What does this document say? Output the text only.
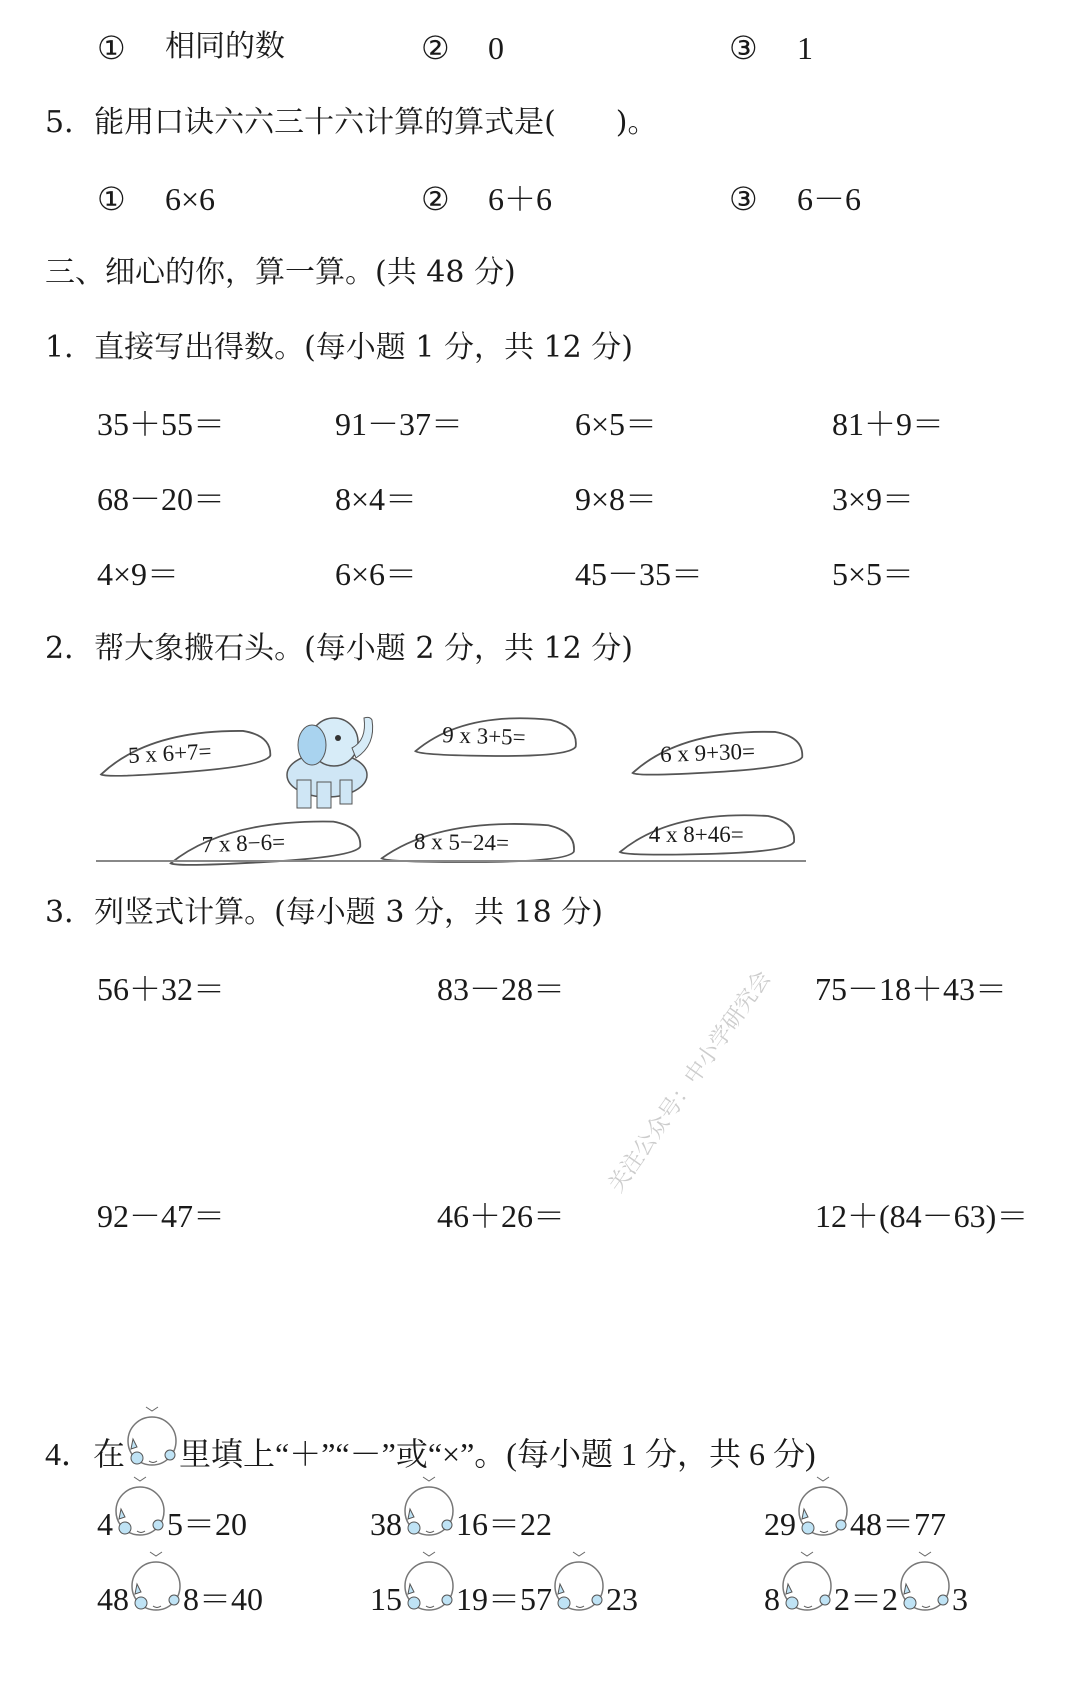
关注公众号：中小学研究会
① 相同的数	② 0	③ 1
5．能用口诀六六三十六计算的算式是(　　)。
① 6×6	② 6＋6	③ 6－6
三、细心的你，算一算。(共 48 分)
1．直接写出得数。(每小题 1 分，共 12 分)
35＋55＝	91－37＝	6×5＝	81＋9＝
68－20＝	8×4＝	9×8＝	3×9＝
4×9＝	6×6＝	45－35＝	5×5＝
2．帮大象搬石头。(每小题 2 分，共 12 分)
5 x 6+7=
9 x 3+5=
6 x 9+30=
7 x 8−6=	8 x 5−24=	4 x 8+46=
3．列竖式计算。(每小题 3 分，共 18 分)
56＋32＝	83－28＝	75－18＋43＝
92－47＝	46＋26＝	12＋(84－63)＝
4．在 里填上“＋”“－”或“×”。(每小题 1 分，共 6 分)
4 5＝20	38 16＝22	29 48＝77
48 8＝40	15 19＝57 23	8 2＝2 3
